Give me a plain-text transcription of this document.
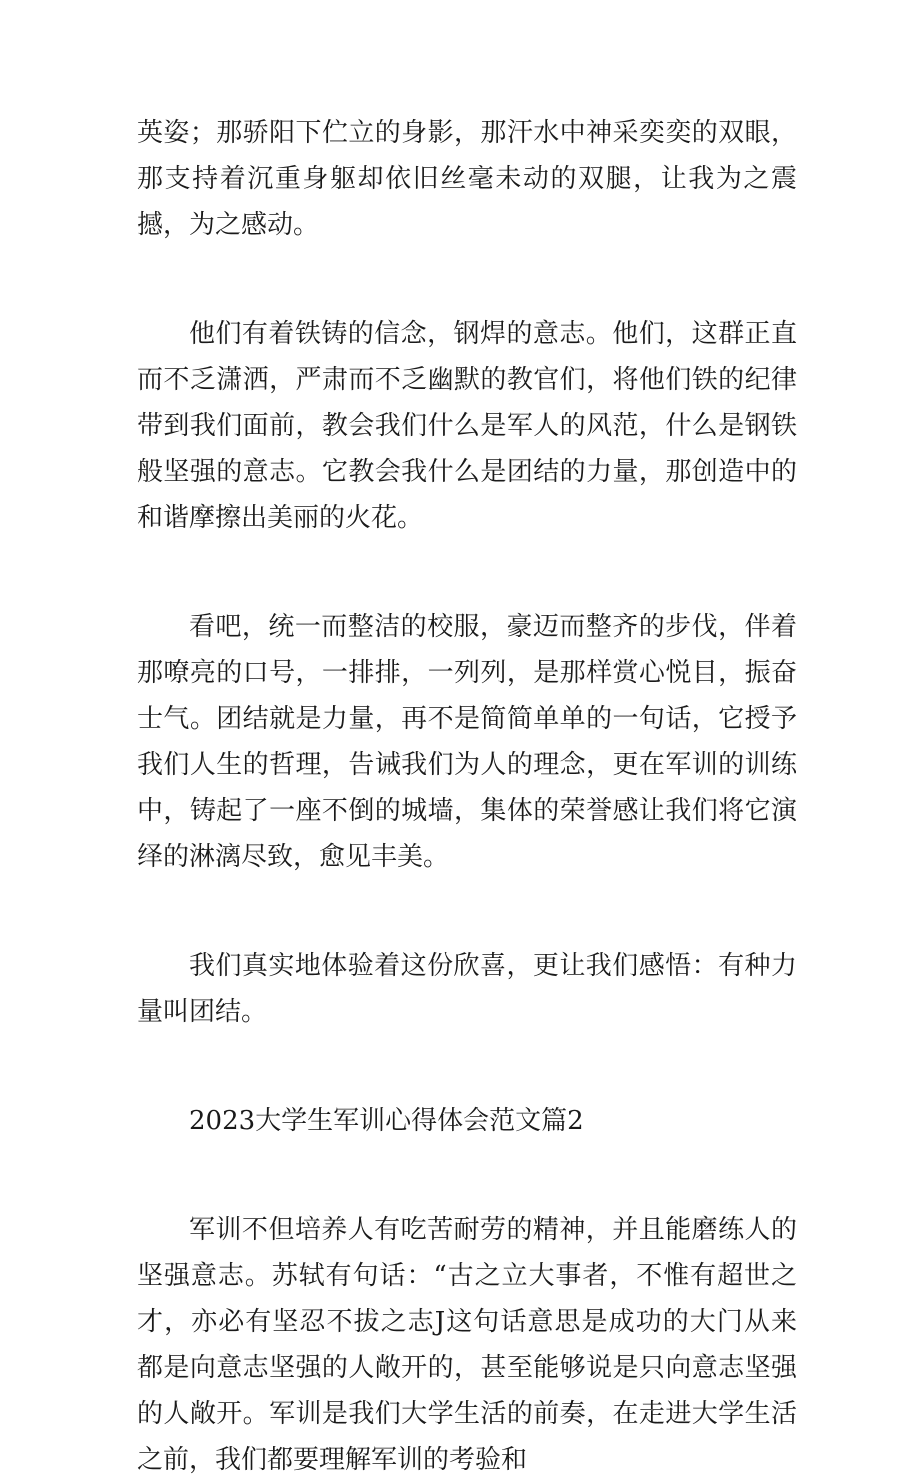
英姿；那骄阳下伫立的身影，那汗水中神采奕奕的双眼，那支持着沉重身躯却依旧丝毫未动的双腿，让我为之震撼，为之感动。

他们有着铁铸的信念，钢焊的意志。他们，这群正直而不乏潇洒，严肃而不乏幽默的教官们，将他们铁的纪律带到我们面前，教会我们什么是军人的风范，什么是钢铁般坚强的意志。它教会我什么是团结的力量，那创造中的和谐摩擦出美丽的火花。

看吧，统一而整洁的校服，豪迈而整齐的步伐，伴着那嘹亮的口号，一排排，一列列，是那样赏心悦目，振奋士气。团结就是力量，再不是简简单单的一句话，它授予我们人生的哲理，告诫我们为人的理念，更在军训的训练中，铸起了一座不倒的城墙，集体的荣誉感让我们将它演绎的淋漓尽致，愈见丰美。

我们真实地体验着这份欣喜，更让我们感悟：有种力量叫团结。

2023大学生军训心得体会范文篇2

军训不但培养人有吃苦耐劳的精神，并且能磨练人的坚强意志。苏轼有句话：“古之立大事者，不惟有超世之才，亦必有坚忍不拔之志J这句话意思是成功的大门从来都是向意志坚强的人敞开的，甚至能够说是只向意志坚强的人敞开。军训是我们大学生活的前奏，在走进大学生活之前，我们都要理解军训的考验和
